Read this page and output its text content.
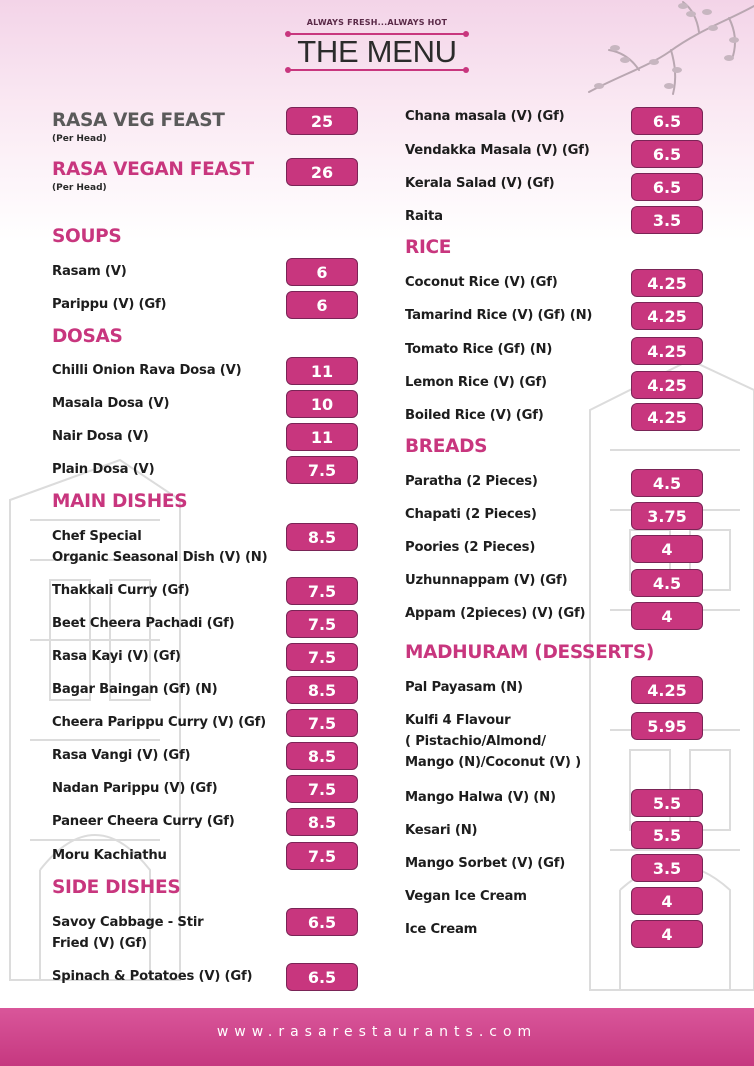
ALWAYS FRESH...ALWAYS HOT
THE MENU
RASA VEG FEAST
(Per Head)
25
RASA VEGAN FEAST
(Per Head)
26
SOUPS
Rasam (V)	6
Parippu (V) (Gf)	6
DOSAS
Chilli Onion Rava Dosa (V)	11
Masala Dosa (V)	10
Nair Dosa (V)	11
Plain Dosa (V)	7.5
MAIN DISHES
Chef Special
Organic Seasonal Dish (V) (N)
8.5
Thakkali Curry (Gf)	7.5
Beet Cheera Pachadi (Gf)	7.5
Rasa Kayi (V) (Gf)	7.5
Bagar Baingan (Gf) (N)	8.5
Cheera Parippu Curry (V) (Gf)	7.5
Rasa Vangi (V) (Gf)	8.5
Nadan Parippu (V) (Gf)	7.5
Paneer Cheera Curry (Gf)	8.5
Moru Kachiathu	7.5
SIDE DISHES
Savoy Cabbage - Stir
Fried (V) (Gf)
6.5
Spinach & Potatoes (V) (Gf)	6.5
Chana masala (V) (Gf)	6.5
Vendakka Masala (V) (Gf)	6.5
Kerala Salad (V) (Gf)	6.5
Raita	3.5
RICE
Coconut Rice (V) (Gf)	4.25
Tamarind Rice (V) (Gf) (N)	4.25
Tomato Rice (Gf) (N)	4.25
Lemon Rice (V) (Gf)	4.25
Boiled Rice (V) (Gf)	4.25
BREADS
Paratha (2 Pieces)	4.5
Chapati (2 Pieces)	3.75
Poories (2 Pieces)	4
Uzhunnappam (V) (Gf)	4.5
Appam (2pieces) (V) (Gf)	4
MADHURAM (DESSERTS)
Pal Payasam (N)	4.25
Kulfi 4 Flavour
( Pistachio/Almond/
Mango (N)/Coconut (V) )
5.95
Mango Halwa (V) (N)	5.5
Kesari (N)	5.5
Mango Sorbet (V) (Gf)	3.5
Vegan Ice Cream	4
Ice Cream	4
www.rasarestaurants.com
